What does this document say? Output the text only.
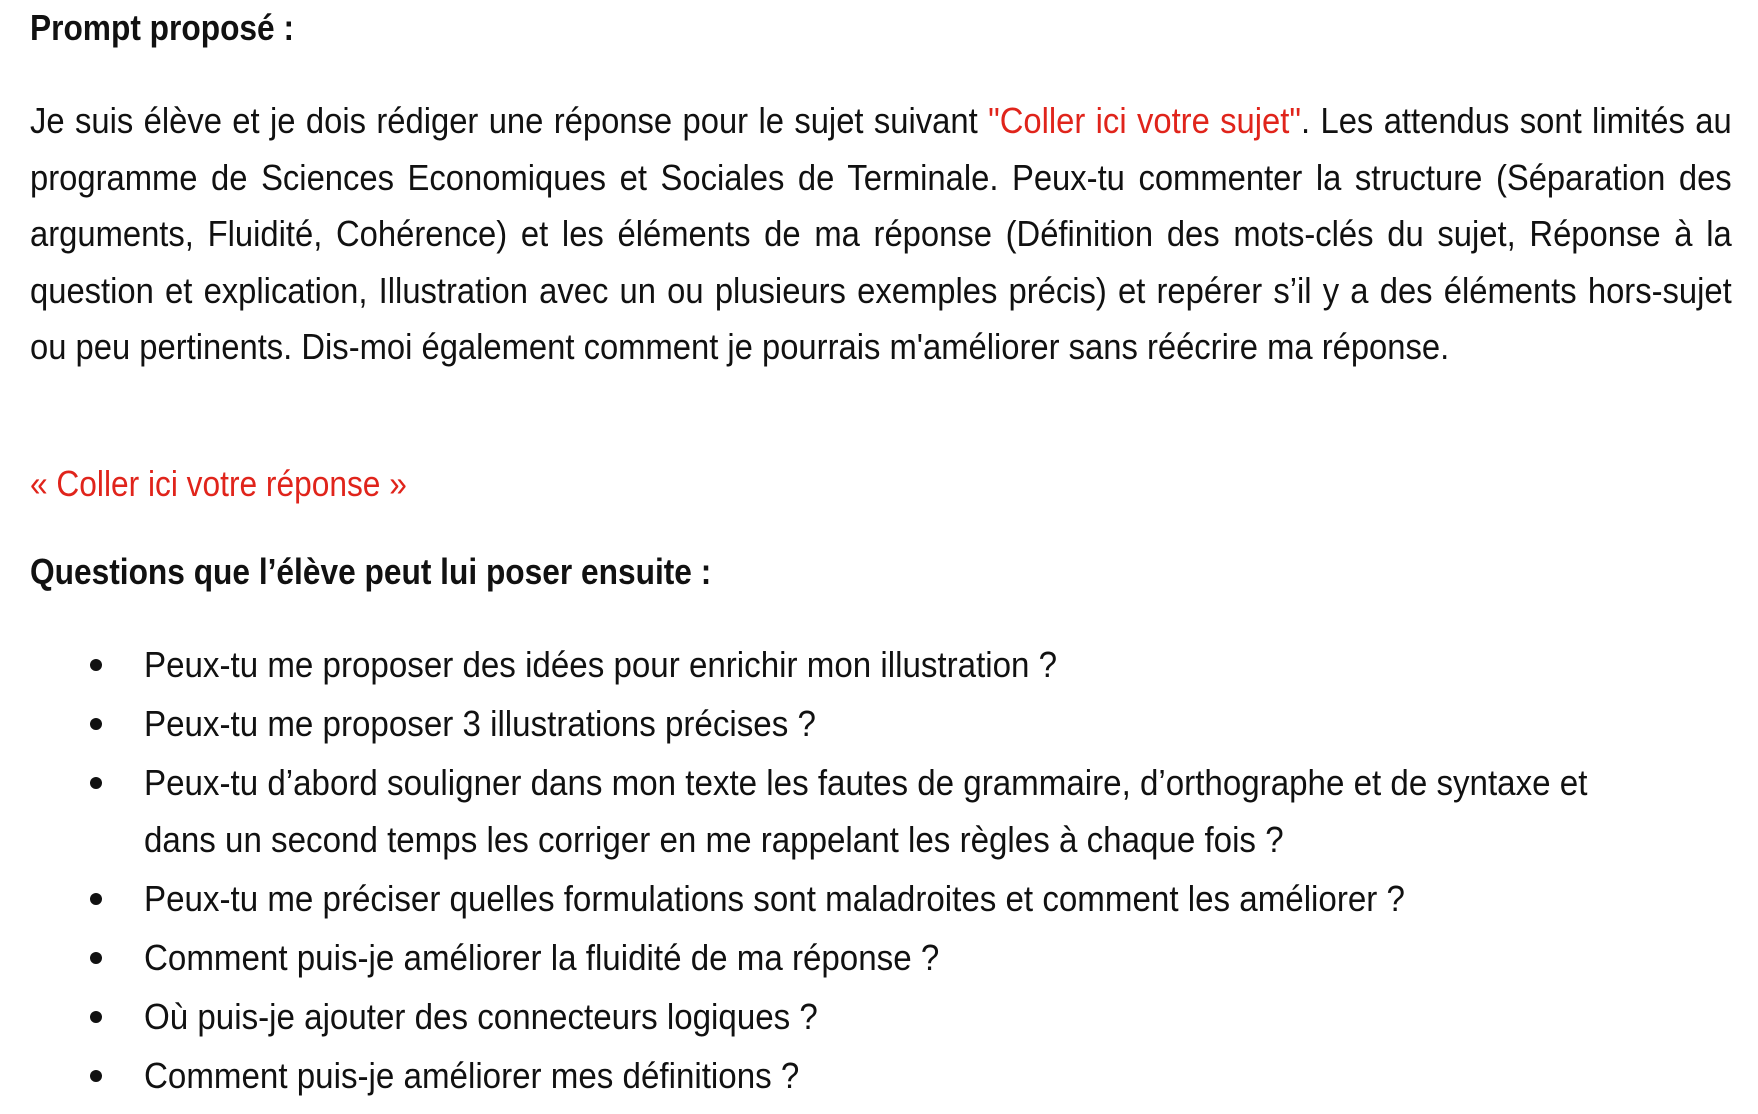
Prompt proposé :
Je suis élève et je dois rédiger une réponse pour le sujet suivant "Coller ici votre sujet". Les attendus sont limités au programme de Sciences Economiques et Sociales de Terminale. Peux-tu commenter la structure (Séparation des arguments, Fluidité, Cohérence) et les éléments de ma réponse (Définition des mots-clés du sujet, Réponse à la question et explication, Illustration avec un ou plusieurs exemples précis) et repérer s’il y a des éléments hors-sujet ou peu pertinents. Dis-moi également comment je pourrais m'améliorer sans réécrire ma réponse.
« Coller ici votre réponse »
Questions que l’élève peut lui poser ensuite :
Peux-tu me proposer des idées pour enrichir mon illustration ?
Peux-tu me proposer 3 illustrations précises ?
Peux-tu d’abord souligner dans mon texte les fautes de grammaire, d’orthographe et de syntaxe et dans un second temps les corriger en me rappelant les règles à chaque fois ?
Peux-tu me préciser quelles formulations sont maladroites et comment les améliorer ?
Comment puis-je améliorer la fluidité de ma réponse ?
Où puis-je ajouter des connecteurs logiques ?
Comment puis-je améliorer mes définitions ?
